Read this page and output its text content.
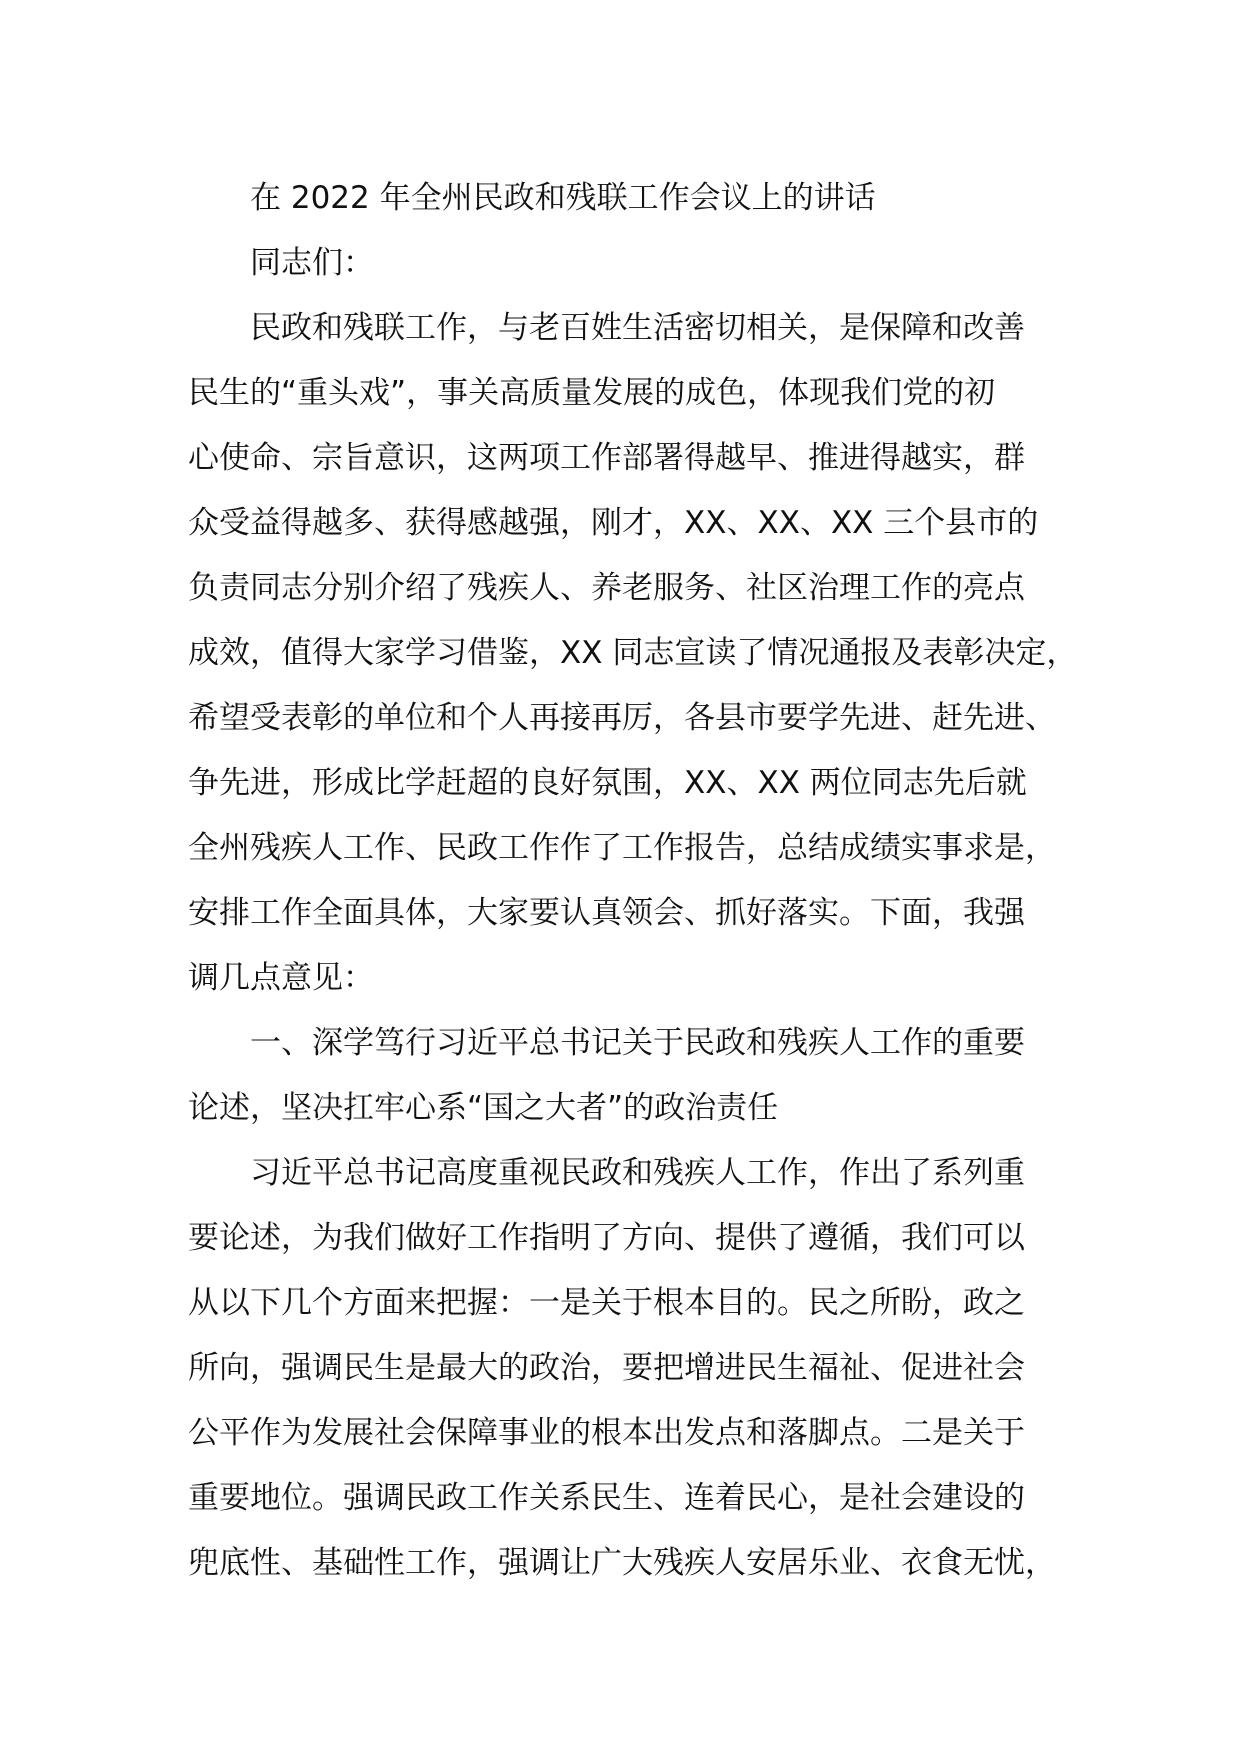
在 2022 年全州民政和残联工作会议上的讲话
同志们：
民政和残联工作，与老百姓生活密切相关，是保障和改善
民生的“重头戏”，事关高质量发展的成色，体现我们党的初
心使命、宗旨意识，这两项工作部署得越早、推进得越实，群
众受益得越多、获得感越强，刚才，XX、XX、XX 三个县市的
负责同志分别介绍了残疾人、养老服务、社区治理工作的亮点
成效，值得大家学习借鉴，XX 同志宣读了情况通报及表彰决定，
希望受表彰的单位和个人再接再厉，各县市要学先进、赶先进、
争先进，形成比学赶超的良好氛围，XX、XX 两位同志先后就
全州残疾人工作、民政工作作了工作报告，总结成绩实事求是，
安排工作全面具体，大家要认真领会、抓好落实。下面，我强
调几点意见：
一、深学笃行习近平总书记关于民政和残疾人工作的重要
论述，坚决扛牢心系“国之大者”的政治责任
习近平总书记高度重视民政和残疾人工作，作出了系列重
要论述，为我们做好工作指明了方向、提供了遵循，我们可以
从以下几个方面来把握：一是关于根本目的。民之所盼，政之
所向，强调民生是最大的政治，要把增进民生福祉、促进社会
公平作为发展社会保障事业的根本出发点和落脚点。二是关于
重要地位。强调民政工作关系民生、连着民心，是社会建设的
兜底性、基础性工作，强调让广大残疾人安居乐业、衣食无忧，
